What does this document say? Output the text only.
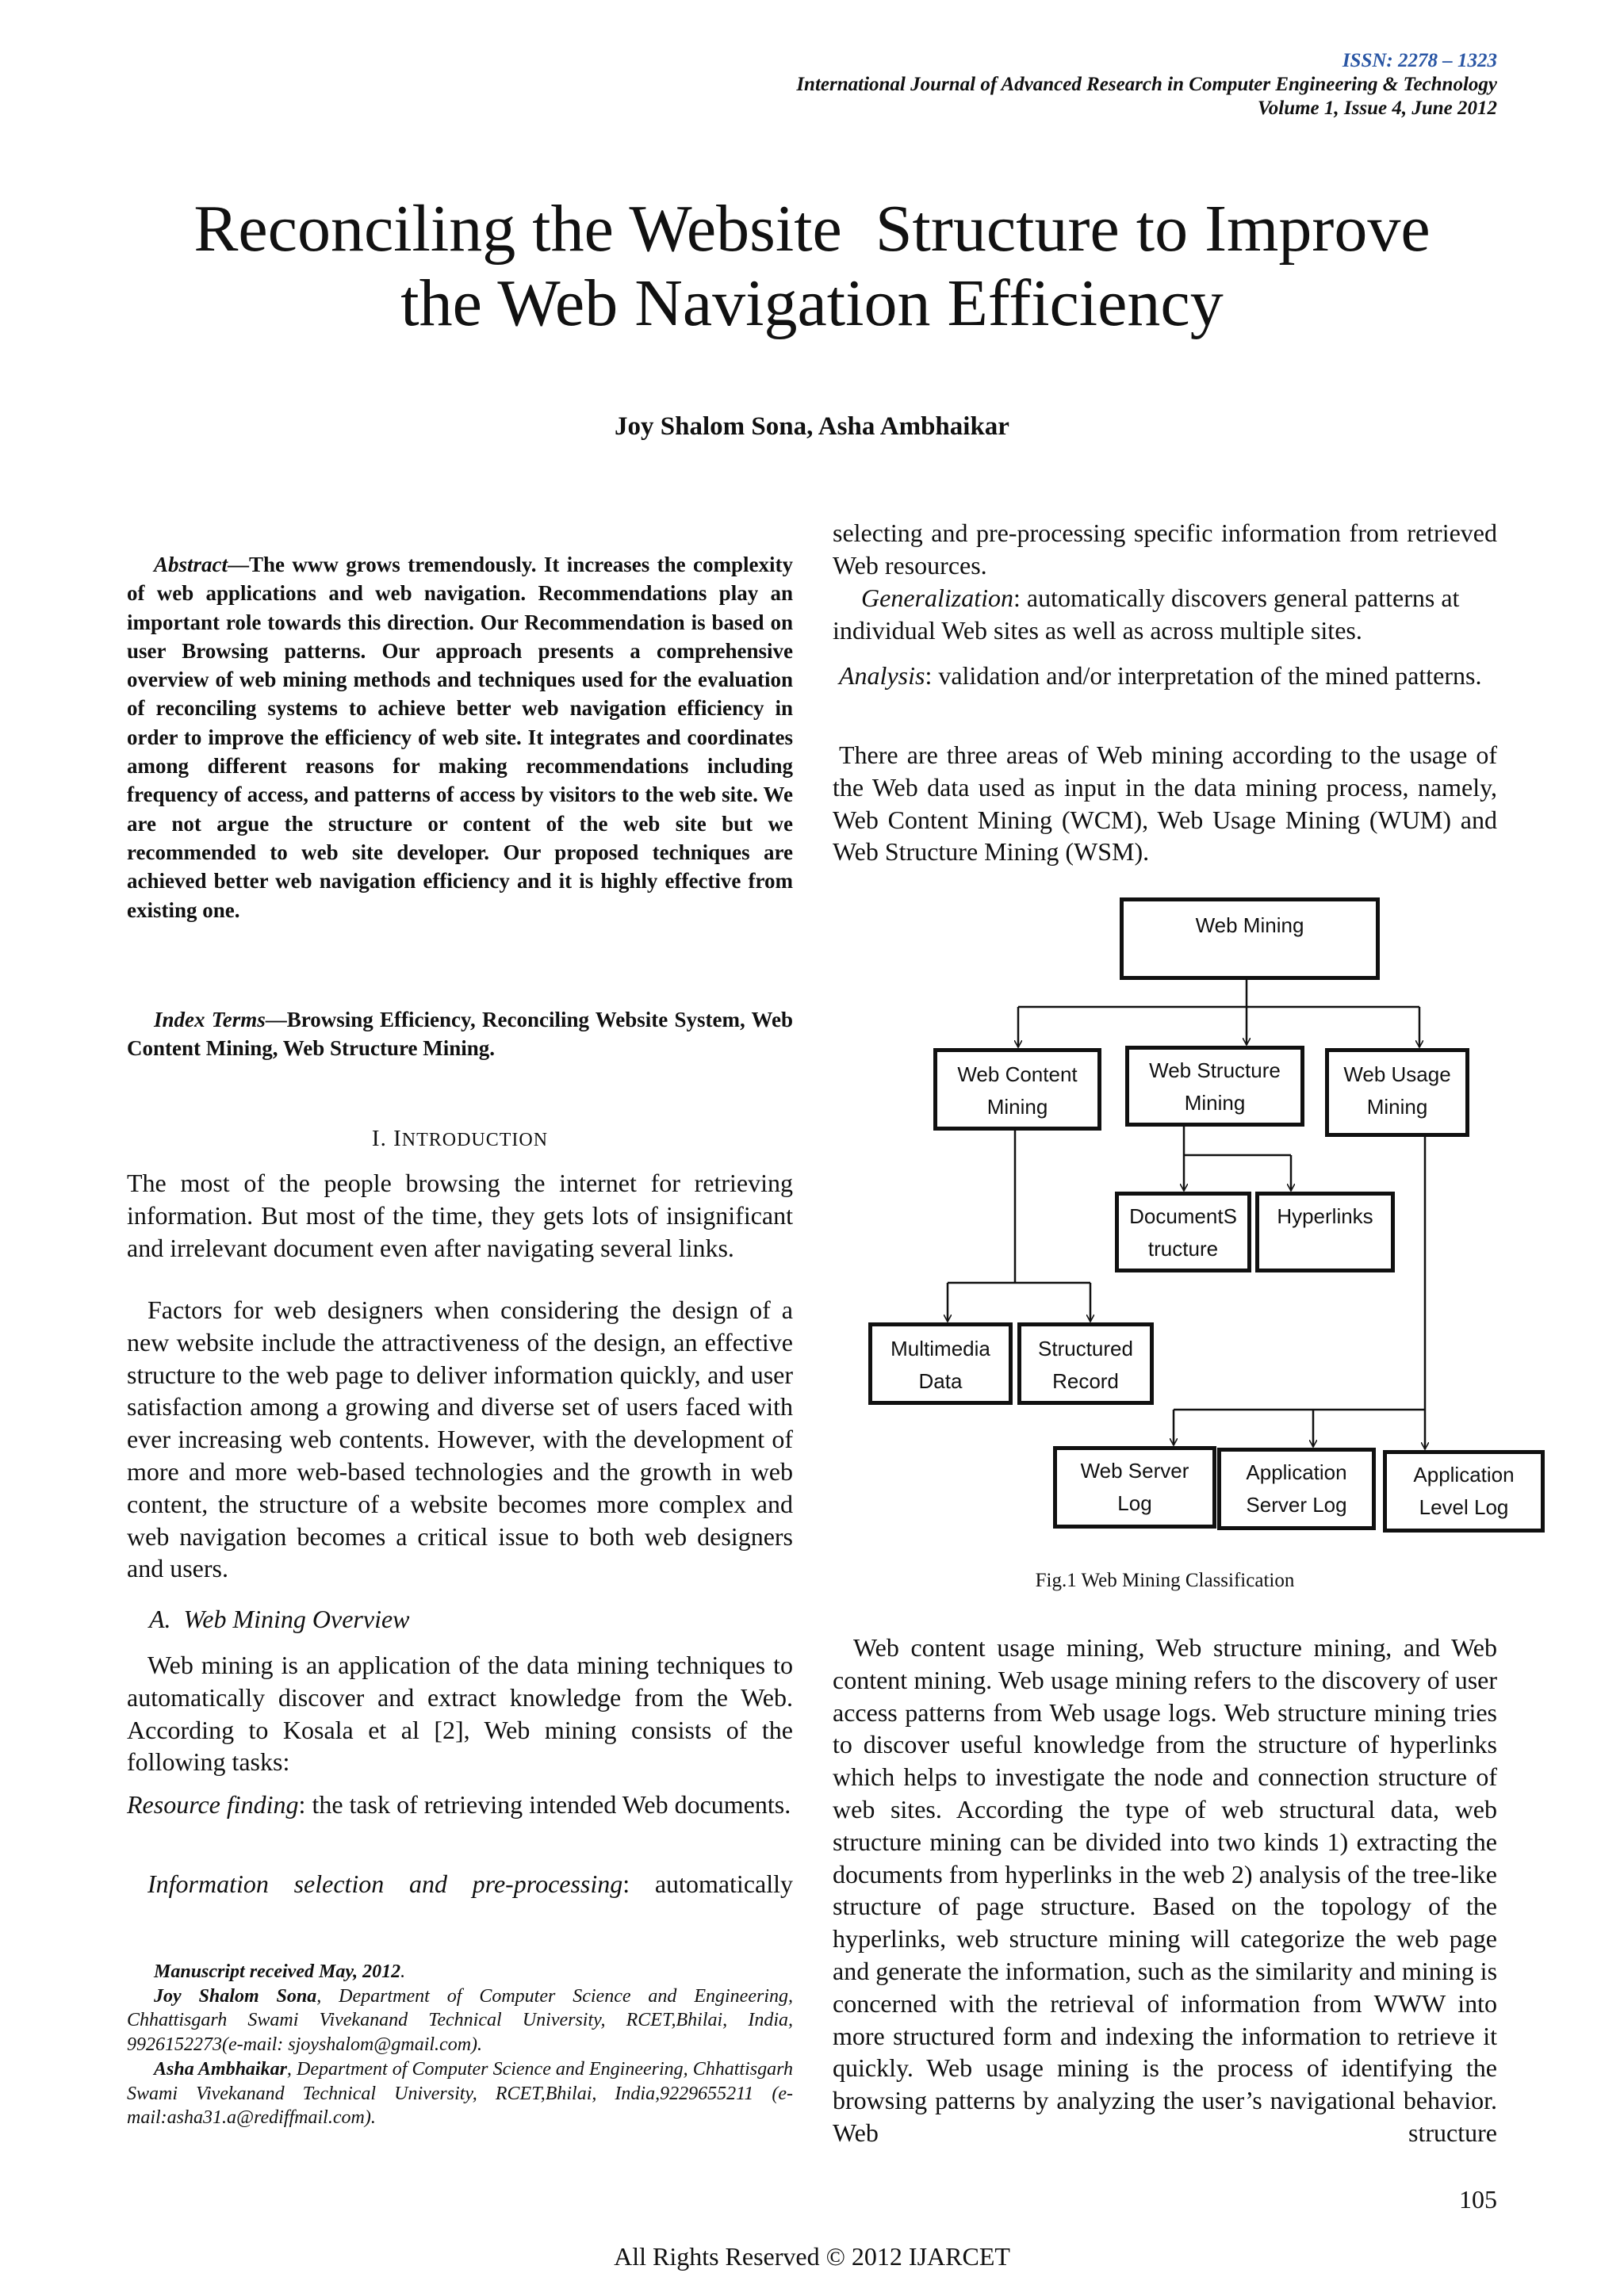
ISSN: 2278 – 1323
International Journal of Advanced Research in Computer Engineering & Technology
Volume 1, Issue 4, June 2012
Reconciling the Website  Structure to Improve
the Web Navigation Efficiency
Joy Shalom Sona, Asha Ambhaikar
Abstract—The www grows tremendously. It increases the complexity of web applications and web navigation. Recommendations play an important role towards this direction. Our Recommendation is based on user Browsing patterns. Our approach presents a comprehensive overview of web mining methods and techniques used for the evaluation of reconciling systems to achieve better web navigation efficiency in order to improve the efficiency of web site. It integrates and coordinates among different reasons for making recommendations including frequency of access, and patterns of access by visitors to the web site. We are not argue the structure or content of the web site but we recommended to web site developer. Our proposed techniques are achieved better web navigation efficiency and it is highly effective from existing one.
Index Terms—Browsing Efficiency, Reconciling Website System, Web Content Mining, Web Structure Mining.
I. INTRODUCTION
The most of the people browsing the internet for retrieving information. But most of the time, they gets lots of insignificant and irrelevant document even after navigating several links.
Factors for web designers when considering the design of a new website include the attractiveness of the design, an effective structure to the web page to deliver information quickly, and user satisfaction among a growing and diverse set of users faced with ever increasing web contents. However, with the development of more and more web-based technologies and the growth in web content, the structure of a website becomes more complex and web navigation becomes a critical issue to both web designers and users.
A.  Web Mining Overview
Web mining is an application of the data mining techniques to automatically discover and extract knowledge from the Web. According to Kosala et al [2], Web mining consists of the following tasks:
Resource finding: the task of retrieving intended Web documents.
Information selection and pre-processing: automatically
Manuscript received May, 2012.
Joy Shalom Sona, Department of Computer Science and Engineering, Chhattisgarh Swami Vivekanand Technical University, RCET,Bhilai, India, 9926152273(e-mail: sjoyshalom@gmail.com).
Asha Ambhaikar, Department of Computer Science and Engineering, Chhattisgarh Swami Vivekanand Technical University, RCET,Bhilai, India,9229655211 (e-mail:asha31.a@rediffmail.com).
selecting and pre-processing specific information from retrieved Web resources.
Generalization: automatically discovers general patterns at individual Web sites as well as across multiple sites.
Analysis: validation and/or interpretation of the mined patterns.
There are three areas of Web mining according to the usage of the Web data used as input in the data mining process, namely, Web Content Mining (WCM), Web Usage Mining (WUM) and Web Structure Mining (WSM).
Web Mining
Web Content
Mining
Web Structure
Mining
Web Usage
Mining
DocumentS
tructure
Hyperlinks
Multimedia
Data
Structured
Record
Web Server
Log
Application
Server Log
Application
Level Log
Fig.1 Web Mining Classification
Web content usage mining, Web structure mining, and Web content mining. Web usage mining refers to the discovery of user access patterns from Web usage logs. Web structure mining tries to discover useful knowledge from the structure of hyperlinks which helps to investigate the node and connection structure of web sites. According the type of web structural data, web structure mining can be divided into two kinds 1) extracting the documents from hyperlinks in the web 2) analysis of the tree-like structure of page structure. Based on the topology of the hyperlinks, web structure mining will categorize the web page and generate the information, such as the similarity and mining is concerned with the retrieval of information from WWW into more structured form and indexing the information to retrieve it quickly. Web usage mining is the process of identifying the browsing patterns by analyzing the user’s navigational behavior. Web structure
105
All Rights Reserved © 2012 IJARCET
